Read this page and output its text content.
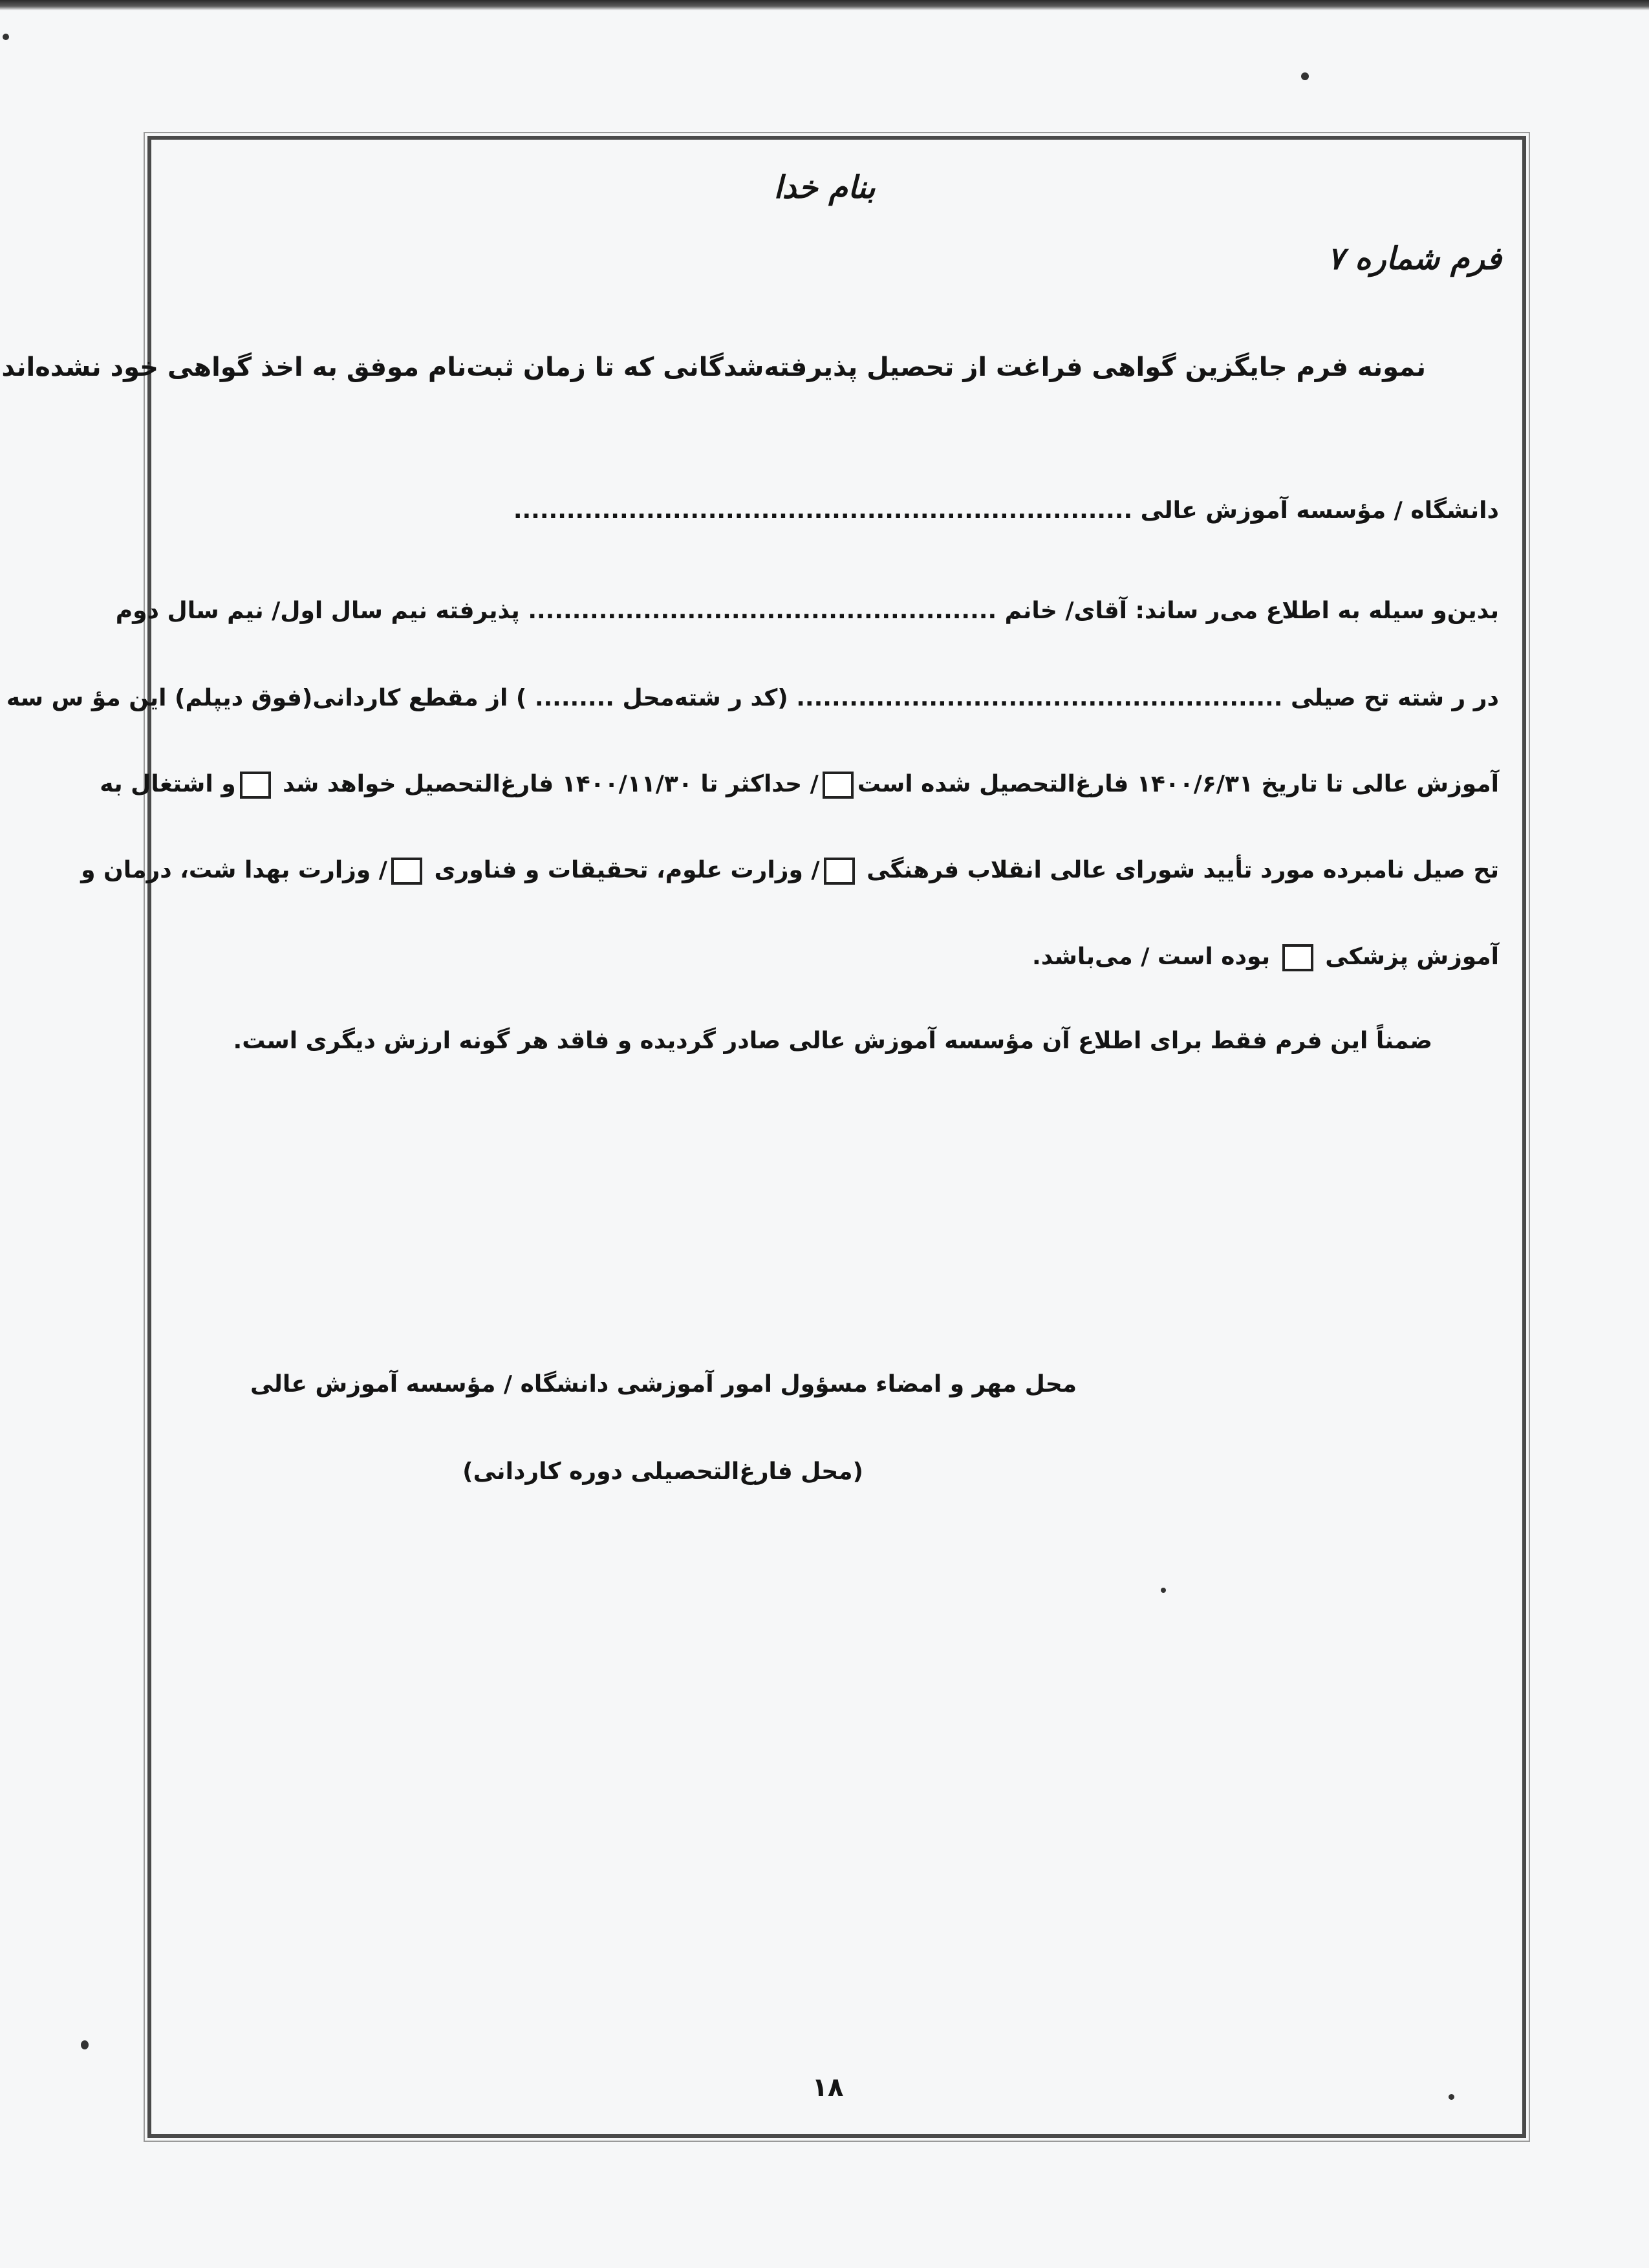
بنام خدا
فرم شماره ۷
نمونه فرم جایگزین گواهی فراغت از تحصیل پذیرفته‌شدگانی که تا زمان ثبت‌نام موفق به اخذ گواهی خود نشده‌اند
دانشگاه / مؤسسه آموزش عالی ......................................................................
بدین‌و سیله به اطلاع می‌ر ساند: آقای/ خانم ..................................................... پذیرفته نیم سال اول/ نیم سال دوم
در ر شته تح صیلی ....................................................... (کد ر شته‌محل ......... ) از مقطع کاردانی(فوق دیپلم) این مؤ س سه
آموزش عالی تا تاریخ ۱۴۰۰/۶/۳۱ فارغ‌التحصیل شده است/ حداکثر تا ۱۴۰۰/۱۱/۳۰ فارغ‌التحصیل خواهد شد و اشتغال به
تح صیل نامبرده مورد تأیید شورای عالی انقلاب فرهنگی / وزارت علوم، تحقیقات و فناوری / وزارت بهدا شت، درمان و
آموزش پزشکی  بوده است / می‌باشد.
ضمناً این فرم فقط برای اطلاع آن مؤسسه آموزش عالی صادر گردیده و فاقد هر گونه ارزش دیگری است.
محل مهر و امضاء مسؤول امور آموزشی دانشگاه / مؤسسه آموزش عالی
(محل فارغ‌التحصیلی دوره کاردانی)
۱۸
